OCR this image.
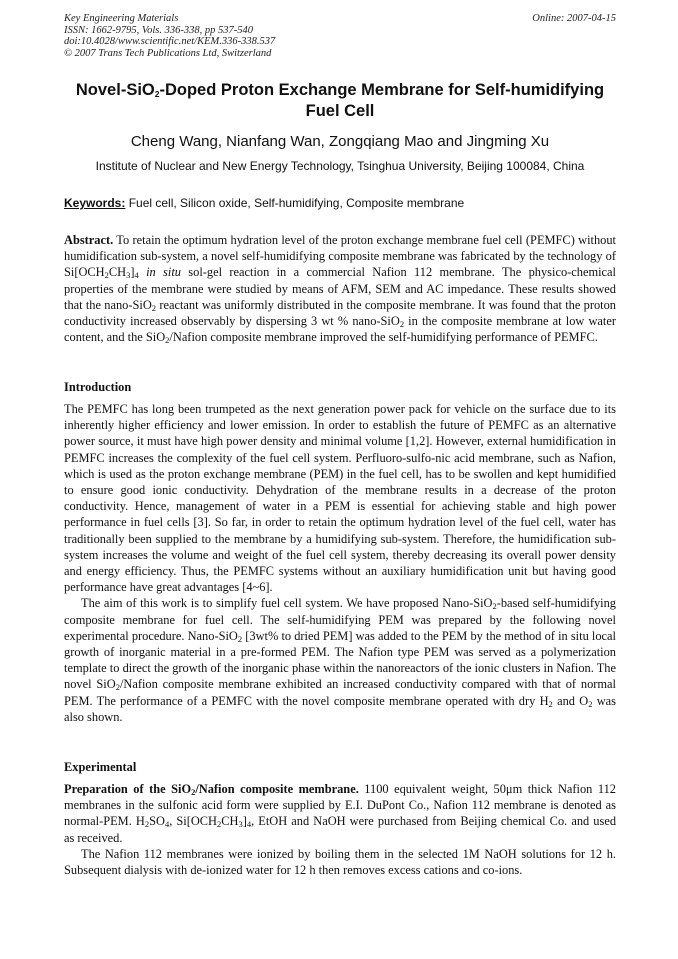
Key Engineering Materials
ISSN: 1662-9795, Vols. 336-338, pp 537-540
doi:10.4028/www.scientific.net/KEM.336-338.537
© 2007 Trans Tech Publications Ltd, Switzerland
Online: 2007-04-15
Novel-SiO$_2$-Doped Proton Exchange Membrane for Self-humidifying
Fuel Cell
Cheng Wang, Nianfang Wan, Zongqiang Mao and Jingming Xu
Institute of Nuclear and New Energy Technology, Tsinghua University, Beijing 100084, China
Keywords: Fuel cell, Silicon oxide, Self-humidifying, Composite membrane

Abstract. To retain the optimum hydration level of the proton exchange membrane fuel cell (PEMFC) without humidification sub-system, a novel self-humidifying composite membrane was fabricated by the technology of $Si[OCH_2CH_3]_4$ in situ sol-gel reaction in a commercial Nafion 112 membrane. The physico-chemical properties of the membrane were studied by means of AFM, SEM and AC impedance. These results showed that the nano-SiO$_2$ reactant was uniformly distributed in the composite membrane. It was found that the proton conductivity increased observably by dispersing 3 wt % nano-SiO$_2$ in the composite membrane at low water content, and the SiO$_2$/Nafion composite membrane improved the self-humidifying performance of PEMFC.

Introduction

The PEMFC has long been trumpeted as the next generation power pack for vehicle on the surface due to its inherently higher efficiency and lower emission. In order to establish the future of PEMFC as an alternative power source, it must have high power density and minimal volume [1,2]. However, external humidification in PEMFC increases the complexity of the fuel cell system. Perfluoro-sulfo-nic acid membrane, such as Nafion, which is used as the proton exchange membrane (PEM) in the fuel cell, has to be swollen and kept humidified to ensure good ionic conductivity. Dehydration of the membrane results in a decrease of the proton conductivity. Hence, management of water in a PEM is essential for achieving stable and high power performance in fuel cells [3]. So far, in order to retain the optimum hydration level of the fuel cell, water has traditionally been supplied to the membrane by a humidifying sub-system. Therefore, the humidification sub-system increases the volume and weight of the fuel cell system, thereby decreasing its overall power density and energy efficiency. Thus, the PEMFC systems without an auxiliary humidification unit but having good performance have great advantages [4~6].

The aim of this work is to simplify fuel cell system. We have proposed Nano-SiO$_2$-based self-humidifying composite membrane for fuel cell. The self-humidifying PEM was prepared by the following novel experimental procedure. Nano-SiO$_2$ [3wt% to dried PEM] was added to the PEM by the method of in situ local growth of inorganic material in a pre-formed PEM. The Nafion type PEM was served as a polymerization template to direct the growth of the inorganic phase within the nanoreactors of the ionic clusters in Nafion. The novel SiO$_2$/Nafion composite membrane exhibited an increased conductivity compared with that of normal PEM. The performance of a PEMFC with the novel composite membrane operated with dry $H_2$ and $O_2$ was also shown.

Experimental

Preparation of the SiO$_2$/Nafion composite membrane. 1100 equivalent weight, 50μm thick Nafion 112 membranes in the sulfonic acid form were supplied by E.I. DuPont Co., Nafion 112 membrane is denoted as normal-PEM. $H_2SO_4$, $Si[OCH_2CH_3]_4$, EtOH and NaOH were purchased from Beijing chemical Co. and used as received.

The Nafion 112 membranes were ionized by boiling them in the selected 1M NaOH solutions for 12 h. Subsequent dialysis with de-ionized water for 12 h then removes excess cations and co-ions.
